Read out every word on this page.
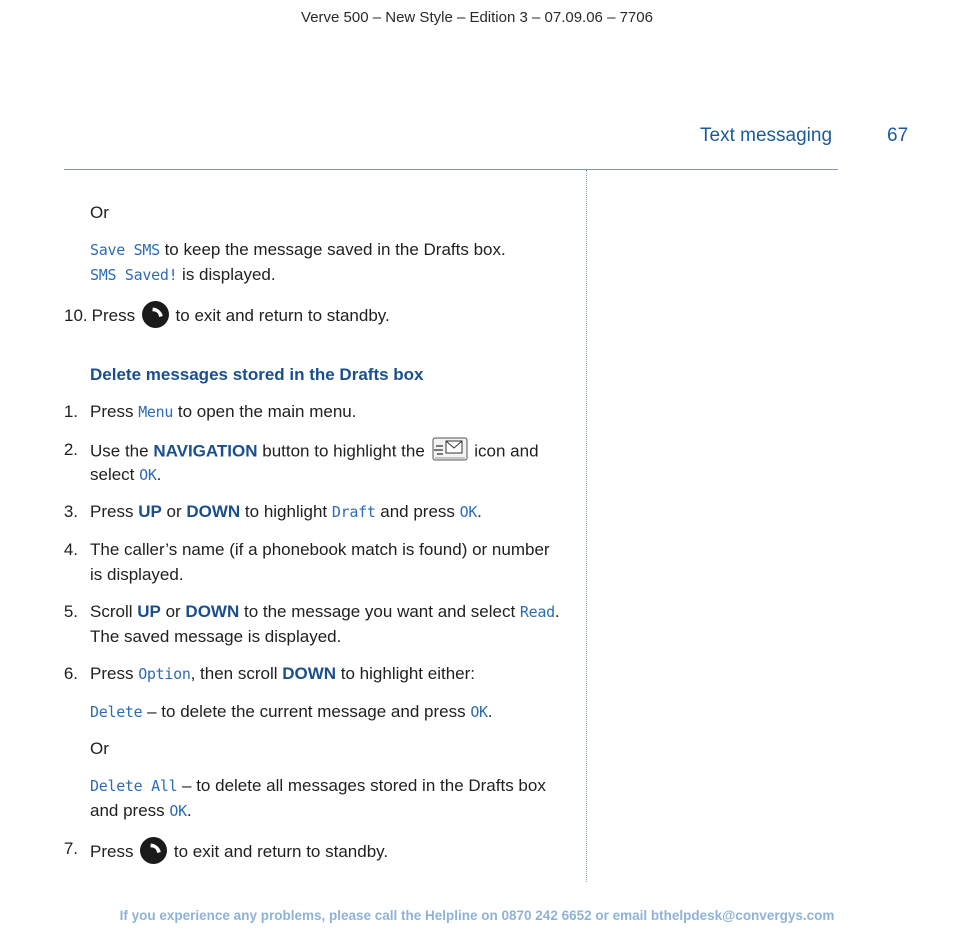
Verve 500 – New Style – Edition 3 – 07.09.06 – 7706
Text messaging	67
Or
Save SMS to keep the message saved in the Drafts box.
SMS Saved! is displayed.
10. Press
to exit and return to standby.
Delete messages stored in the Drafts box
1. Press Menu to open the main menu.
2. Use the NAVIGATION button to highlight the  icon and
select OK.
3. Press UP or DOWN to highlight Draft and press OK.
4. The caller’s name (if a phonebook match is found) or number
is displayed.
5. Scroll UP or DOWN to the message you want and select Read.
The saved message is displayed.
6. Press Option, then scroll DOWN to highlight either:
Delete – to delete the current message and press OK.
Or
Delete All – to delete all messages stored in the Drafts box
and press OK.
7. Press
to exit and return to standby.
If you experience any problems, please call the Helpline on 0870 242 6652 or email bthelpdesk@convergys.com
